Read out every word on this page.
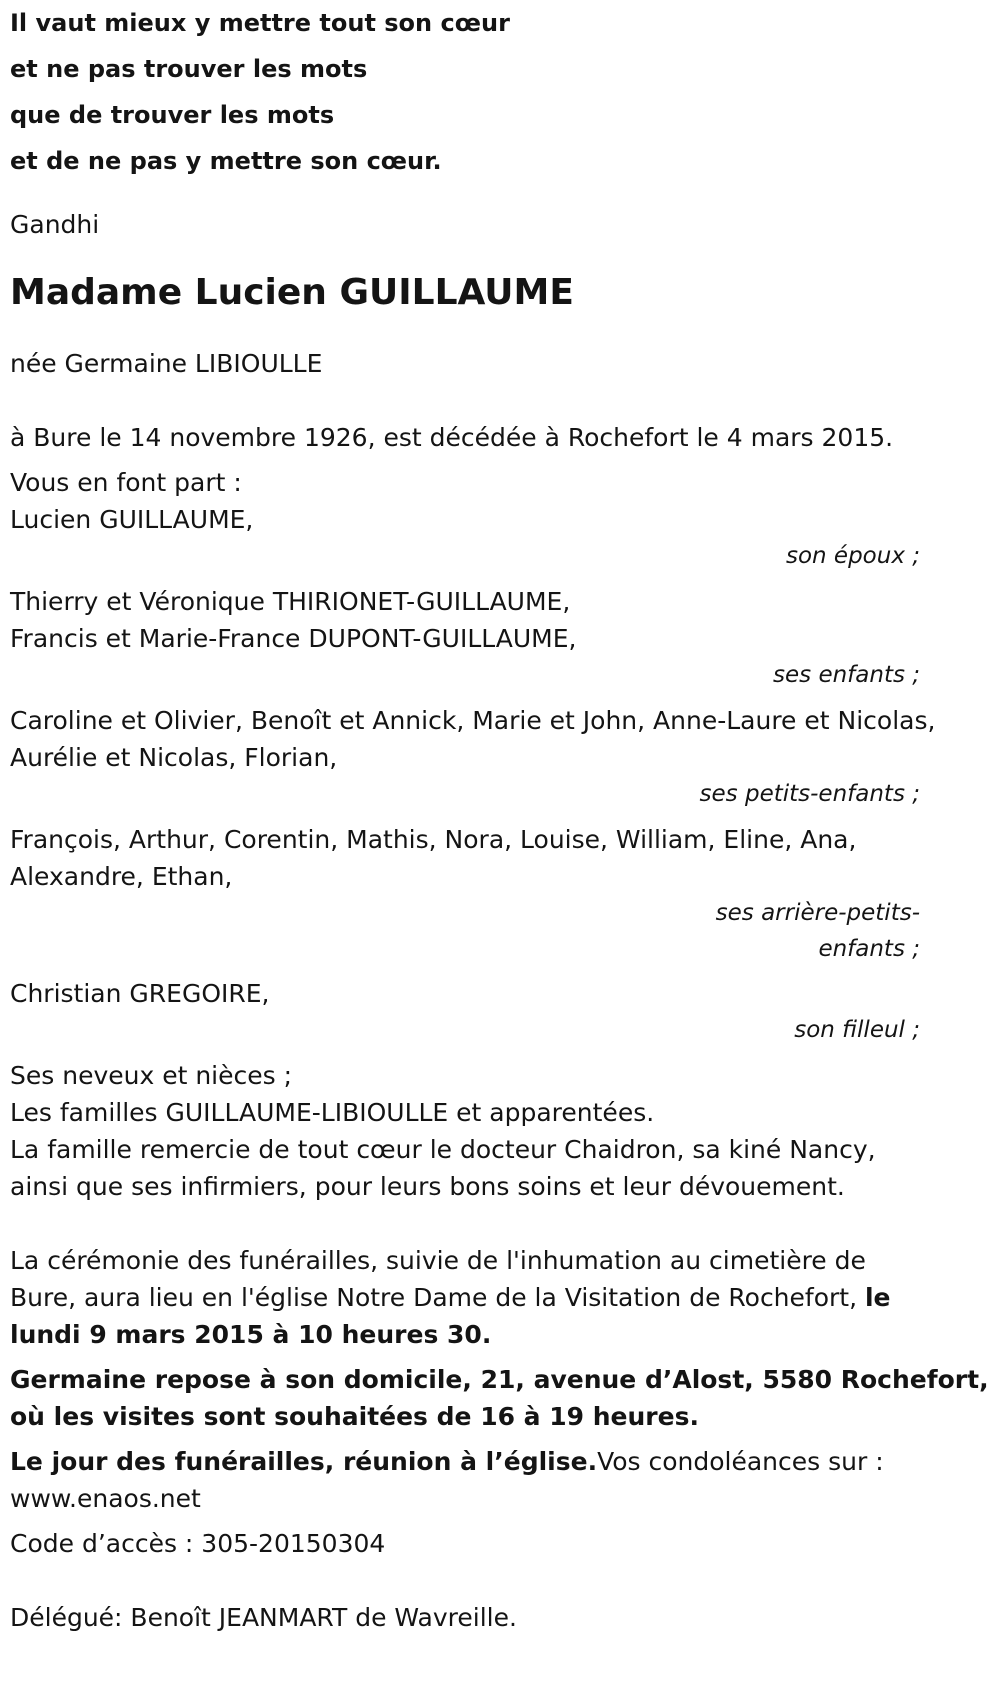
Il vaut mieux y mettre tout son cœur

et ne pas trouver les mots

que de trouver les mots

et de ne pas y mettre son cœur.

Gandhi
Madame Lucien GUILLAUME
née Germaine LIBIOULLE
à Bure le 14 novembre 1926, est décédée à Rochefort le 4 mars 2015.
Vous en font part :
Lucien GUILLAUME,
son époux ;
Thierry et Véronique THIRIONET-GUILLAUME,
Francis et Marie-France DUPONT-GUILLAUME,
ses enfants ;
Caroline et Olivier, Benoît et Annick, Marie et John, Anne-Laure et Nicolas,
Aurélie et Nicolas, Florian,
ses petits-enfants ;
François, Arthur, Corentin, Mathis, Nora, Louise, William, Eline, Ana,
Alexandre, Ethan,
ses arrière-petits-
enfants ;
Christian GREGOIRE,
son filleul ;
Ses neveux et nièces ;
Les familles GUILLAUME-LIBIOULLE et apparentées.
La famille remercie de tout cœur le docteur Chaidron, sa kiné Nancy,
ainsi que ses infirmiers, pour leurs bons soins et leur dévouement.
La cérémonie des funérailles, suivie de l'inhumation au cimetière de
Bure, aura lieu en l'église Notre Dame de la Visitation de Rochefort, le
lundi 9 mars 2015 à 10 heures 30.
Germaine repose à son domicile, 21, avenue d’Alost, 5580 Rochefort,
où les visites sont souhaitées de 16 à 19 heures.
Le jour des funérailles, réunion à l’église.Vos condoléances sur :
www.enaos.net
Code d’accès : 305-20150304
Délégué: Benoît JEANMART de Wavreille.
